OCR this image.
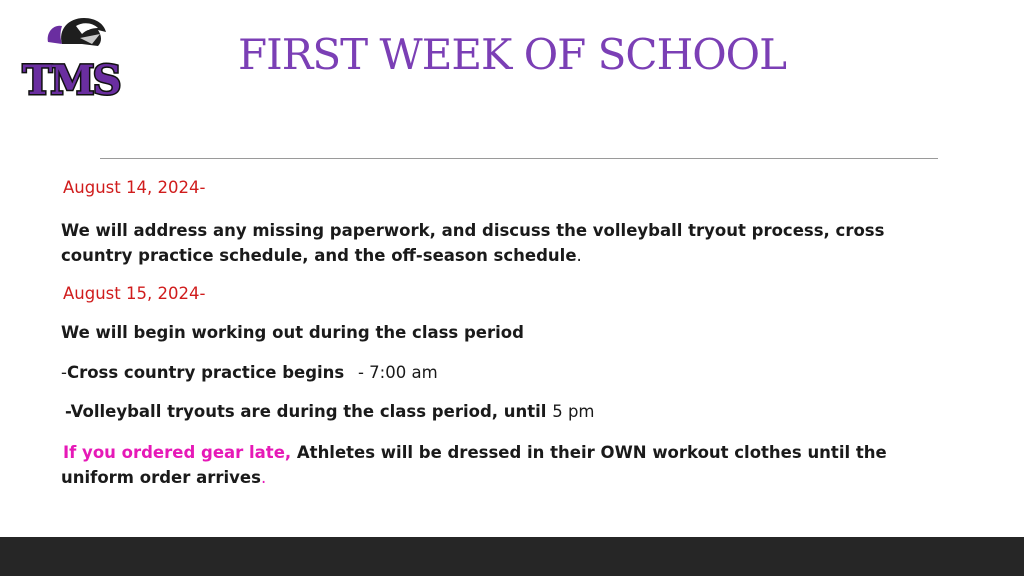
TMS
FIRST WEEK OF SCHOOL
August 14, 2024-
We will address any missing paperwork, and discuss the volleyball tryout process, cross country practice schedule, and the off-season schedule.
August 15, 2024-
We will begin working out during the class period
-Cross country practice begins - 7:00 am
-Volleyball tryouts are during the class period, until 5 pm
If you ordered gear late, Athletes will be dressed in their OWN workout clothes until the uniform order arrives.
